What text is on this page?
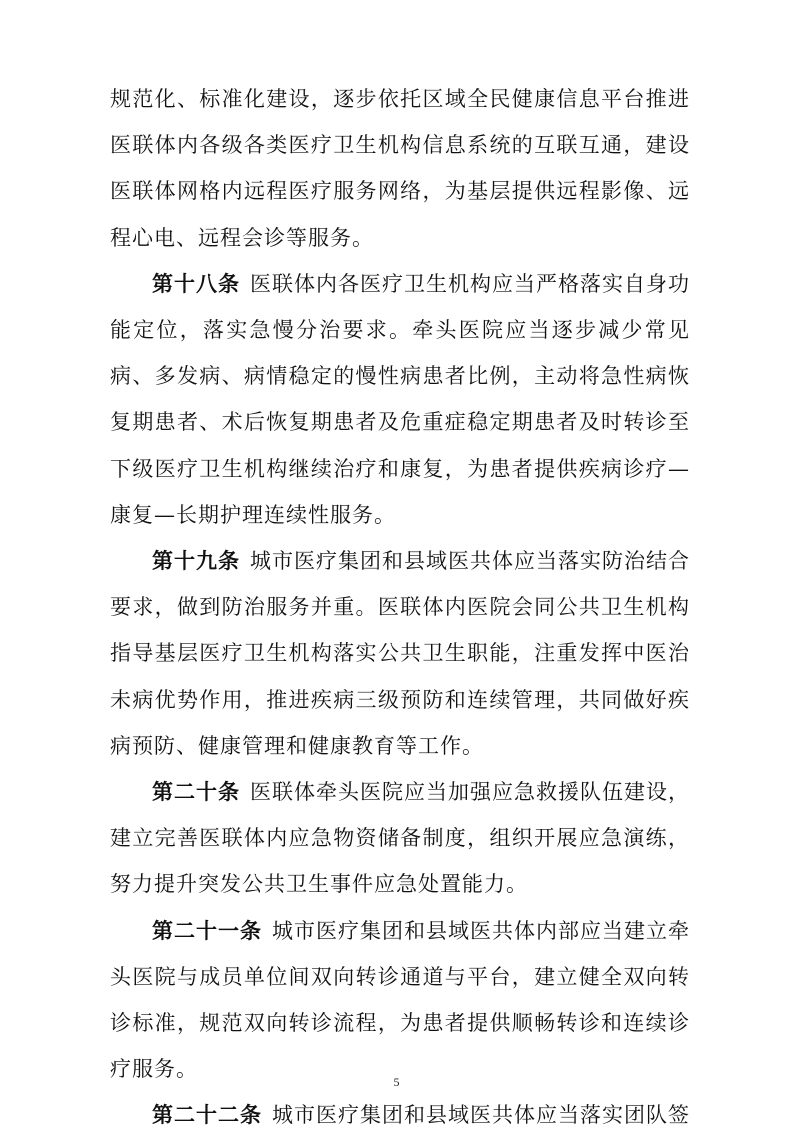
规范化、标准化建设，逐步依托区域全民健康信息平台推进医联体内各级各类医疗卫生机构信息系统的互联互通，建设医联体网格内远程医疗服务网络，为基层提供远程影像、远程心电、远程会诊等服务。

第十八条 医联体内各医疗卫生机构应当严格落实自身功能定位，落实急慢分治要求。牵头医院应当逐步减少常见病、多发病、病情稳定的慢性病患者比例，主动将急性病恢复期患者、术后恢复期患者及危重症稳定期患者及时转诊至下级医疗卫生机构继续治疗和康复，为患者提供疾病诊疗—康复—长期护理连续性服务。

第十九条 城市医疗集团和县域医共体应当落实防治结合要求，做到防治服务并重。医联体内医院会同公共卫生机构指导基层医疗卫生机构落实公共卫生职能，注重发挥中医治未病优势作用，推进疾病三级预防和连续管理，共同做好疾病预防、健康管理和健康教育等工作。

第二十条 医联体牵头医院应当加强应急救援队伍建设，建立完善医联体内应急物资储备制度，组织开展应急演练，努力提升突发公共卫生事件应急处置能力。

第二十一条 城市医疗集团和县域医共体内部应当建立牵头医院与成员单位间双向转诊通道与平台，建立健全双向转诊标准，规范双向转诊流程，为患者提供顺畅转诊和连续诊疗服务。

第二十二条 城市医疗集团和县域医共体应当落实团队签

5
